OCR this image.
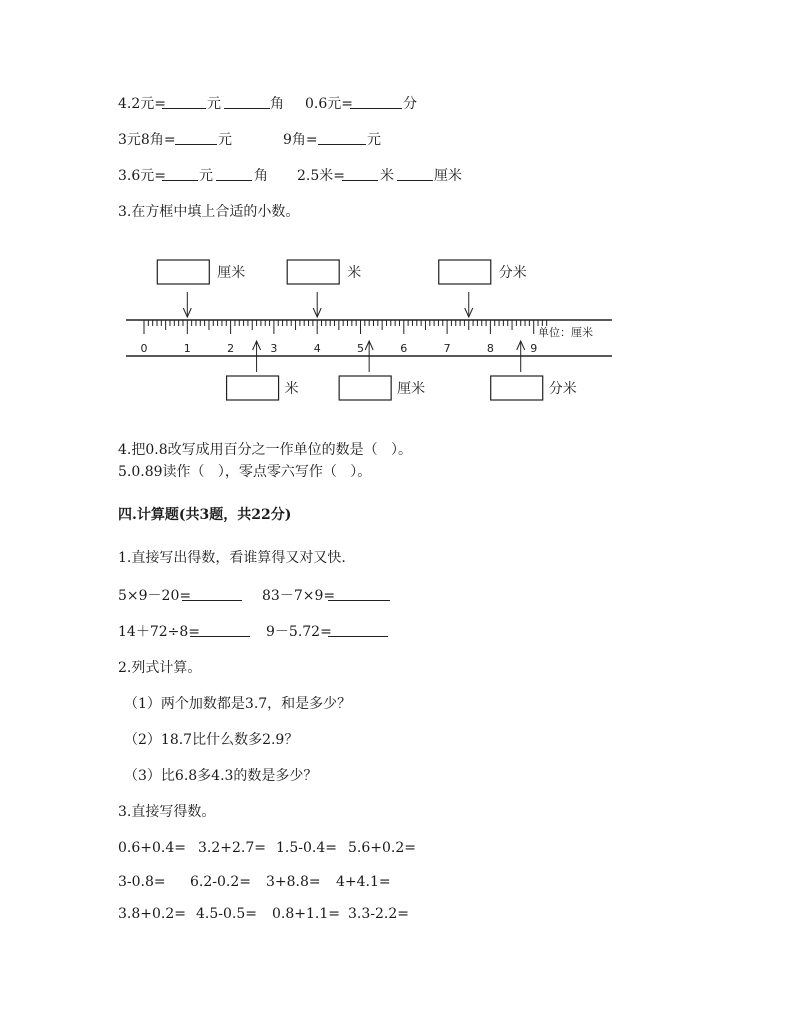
4.2元=	元	角 0.6元=	分
3元8角=	元	9角=	元
3.6元= 元	角 2.5米=	米	厘米
3.在方框中填上合适的小数。
0	1	2	3	4	5	6	7	8	9
单位：厘米
厘米	米	分米
米	厘米	分米
4.把0.8改写成用百分之一作单位的数是（   ）。
5.0.89读作（   ），零点零六写作（   ）。
四.计算题(共3题，共22分)
1.直接写出得数，看谁算得又对又快.
5×9－20=	83－7×9=
14＋72÷8=	9－5.72=
2.列式计算。
（1）两个加数都是3.7，和是多少？
（2）18.7比什么数多2.9？
（3）比6.8多4.3的数是多少？
3.直接写得数。
0.6+0.4= 3.2+2.7= 1.5-0.4= 5.6+0.2=
3-0.8= 6.2-0.2= 3+8.8= 4+4.1=
3.8+0.2= 4.5-0.5= 0.8+1.1= 3.3-2.2=
